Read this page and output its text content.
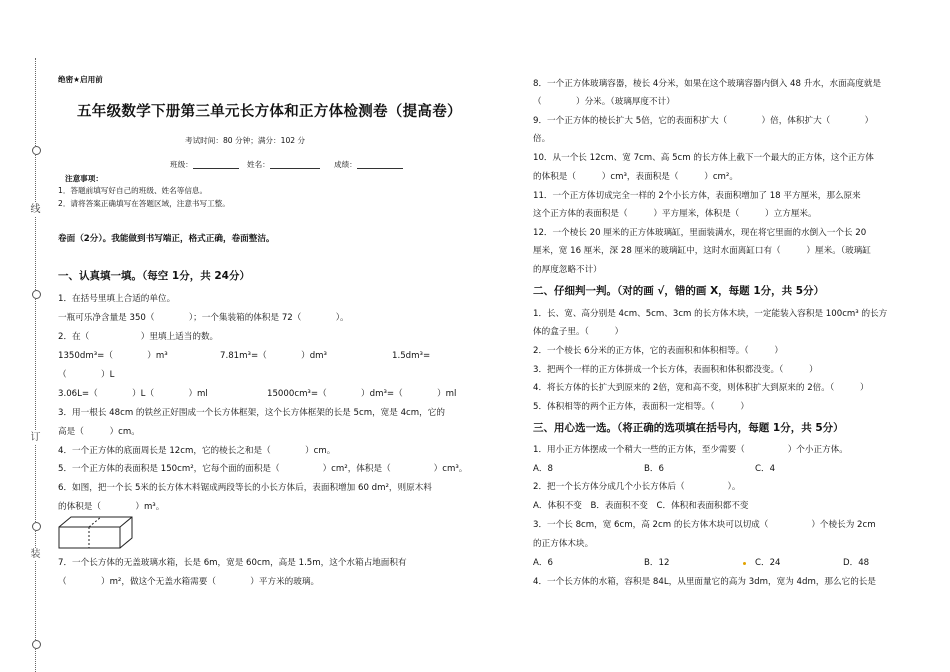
线
订
装
绝密★启用前
五年级数学下册第三单元长方体和正方体检测卷（提高卷）
考试时间：80 分钟；满分：102 分
班级：	姓名：	成绩：
注意事项：
1．答题前填写好自己的班级、姓名等信息。
2．请将答案正确填写在答题区域，注意书写工整。
卷面（2分）。我能做到书写端正，格式正确，卷面整洁。
一、认真填一填。（每空 1分，共 24分）
1．在括号里填上合适的单位。
一瓶可乐净含量是 350（　　　　）；一个集装箱的体积是 72（　　　　）。
2．在（　　　　　　）里填上适当的数。
1350dm³=（　　　　）m³	7.81m³=（　　　　）dm³	1.5dm³=
（　　　　）L
3.06L=（　　　　）L（　　　　）ml	15000cm³=（　　　　）dm³=（　　　　）ml
3．用一根长 48cm 的铁丝正好围成一个长方体框架，这个长方体框架的长是 5cm，宽是 4cm，它的
高是（　　　）cm。
4．一个正方体的底面周长是 12cm，它的棱长之和是（　　　　）cm。
5．一个正方体的表面积是 150cm²，它每个面的面积是（　　　　　）cm²，体积是（　　　　　）cm³。
6．如图，把一个长 5米的长方体木料锯成两段等长的小长方体后，表面积增加 60 dm²，则原木料
的体积是（　　　　）m³。
7．一个长方体的无盖玻璃水箱，长是 6m，宽是 60cm，高是 1.5m，这个水箱占地面积有
（　　　　）m²，做这个无盖水箱需要（　　　　）平方米的玻璃。
8．一个正方体玻璃容器，棱长 4分米，如果在这个玻璃容器内倒入 48 升水，水面高度就是
（　　　　）分米。（玻璃厚度不计）
9．一个正方体的棱长扩大 5倍，它的表面积扩大（　　　　）倍，体积扩大（　　　　）
倍。
10．从一个长 12cm、宽 7cm、高 5cm 的长方体上截下一个最大的正方体，这个正方体
的体积是（　　　）cm³，表面积是（　　　）cm²。
11．一个正方体切成完全一样的 2个小长方体，表面积增加了 18 平方厘米，那么原来
这个正方体的表面积是（　　　）平方厘米，体积是（　　　）立方厘米。
12．一个棱长 20 厘米的正方体玻璃缸，里面装满水，现在将它里面的水倒入一个长 20
厘米，宽 16 厘米，深 28 厘米的玻璃缸中，这时水面离缸口有（　　　）厘米。（玻璃缸
的厚度忽略不计）
二、仔细判一判。（对的画 √，错的画 X，每题 1分，共 5分）
1．长、宽、高分别是 4cm、5cm、3cm 的长方体木块，一定能装入容积是 100cm³ 的长方
体的盒子里。（　　　）
2．一个棱长 6分米的正方体，它的表面积和体积相等。（　　　）
3．把两个一样的正方体拼成一个长方体，表面积和体积都没变。（　　　）
4．将长方体的长扩大到原来的 2倍，宽和高不变，则体积扩大到原来的 2倍。（　　　）
5．体积相等的两个正方体，表面积一定相等。（　　　）
三、用心选一选。（将正确的选项填在括号内，每题 1分，共 5分）
1．用小正方体摆成一个稍大一些的正方体，至少需要（　　　　　）个小正方体。
A．8	B．6	C．4
2．把一个长方体分成几个小长方体后（　　　　　）。
A．体积不变　B．表面积不变　C．体积和表面积都不变
3．一个长 8cm，宽 6cm，高 2cm 的长方体木块可以切成（　　　　　）个棱长为 2cm
的正方体木块。
A．6	B．12	C．24	D．48
4．一个长方体的水箱，容积是 84L，从里面量它的高为 3dm，宽为 4dm，那么它的长是
